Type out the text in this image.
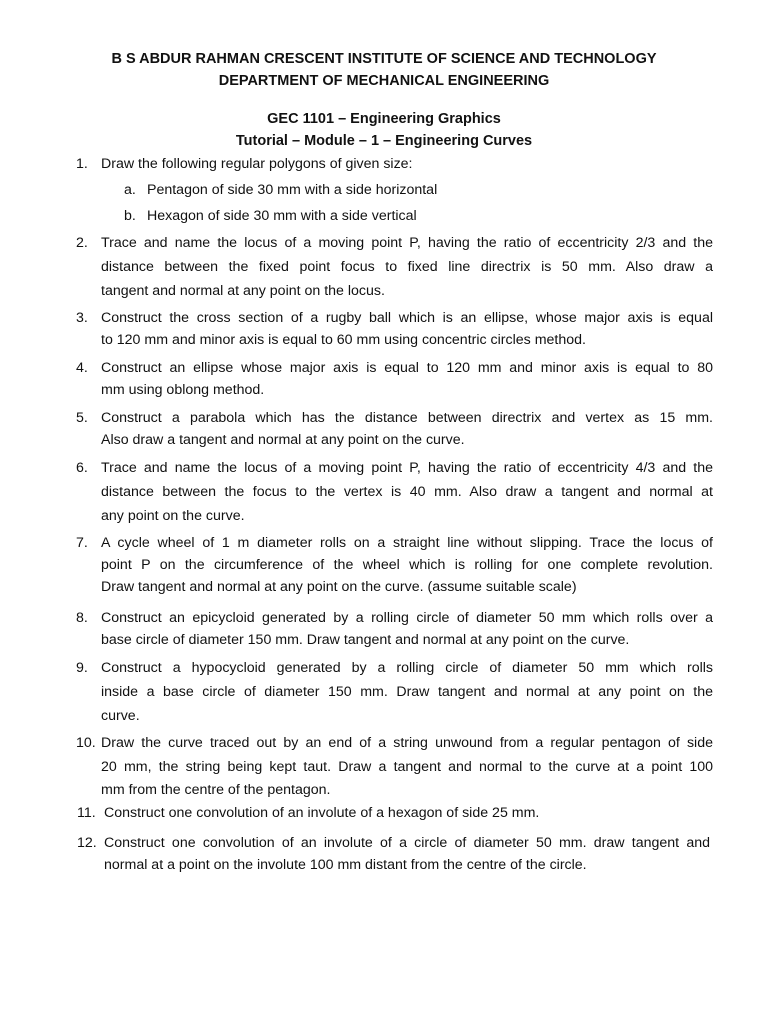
B S ABDUR RAHMAN CRESCENT INSTITUTE OF SCIENCE AND TECHNOLOGY
DEPARTMENT OF MECHANICAL ENGINEERING
GEC 1101 – Engineering Graphics
Tutorial – Module – 1 – Engineering Curves
1. Draw the following regular polygons of given size:
a. Pentagon of side 30 mm with a side horizontal
b. Hexagon of side 30 mm with a side vertical
2. Trace and name the locus of a moving point P, having the ratio of eccentricity 2/3 and the
distance between the fixed point focus to fixed line directrix is 50 mm. Also draw a
tangent and normal at any point on the locus.
3. Construct the cross section of a rugby ball which is an ellipse, whose major axis is equal
to 120 mm and minor axis is equal to 60 mm using concentric circles method.
4. Construct an ellipse whose major axis is equal to 120 mm and minor axis is equal to 80
mm using oblong method.
5. Construct a parabola which has the distance between directrix and vertex as 15 mm.
Also draw a tangent and normal at any point on the curve.
6. Trace and name the locus of a moving point P, having the ratio of eccentricity 4/3 and the
distance between the focus to the vertex is 40 mm. Also draw a tangent and normal at
any point on the curve.
7. A cycle wheel of 1 m diameter rolls on a straight line without slipping. Trace the locus of
point P on the circumference of the wheel which is rolling for one complete revolution.
Draw tangent and normal at any point on the curve. (assume suitable scale)
8. Construct an epicycloid generated by a rolling circle of diameter 50 mm which rolls over a
base circle of diameter 150 mm. Draw tangent and normal at any point on the curve.
9. Construct a hypocycloid generated by a rolling circle of diameter 50 mm which rolls
inside a base circle of diameter 150 mm. Draw tangent and normal at any point on the
curve.
10. Draw the curve traced out by an end of a string unwound from a regular pentagon of side
20 mm, the string being kept taut. Draw a tangent and normal to the curve at a point 100
mm from the centre of the pentagon.
11. Construct one convolution of an involute of a hexagon of side 25 mm.
12. Construct one convolution of an involute of a circle of diameter 50 mm. draw tangent and
normal at a point on the involute 100 mm distant from the centre of the circle.
